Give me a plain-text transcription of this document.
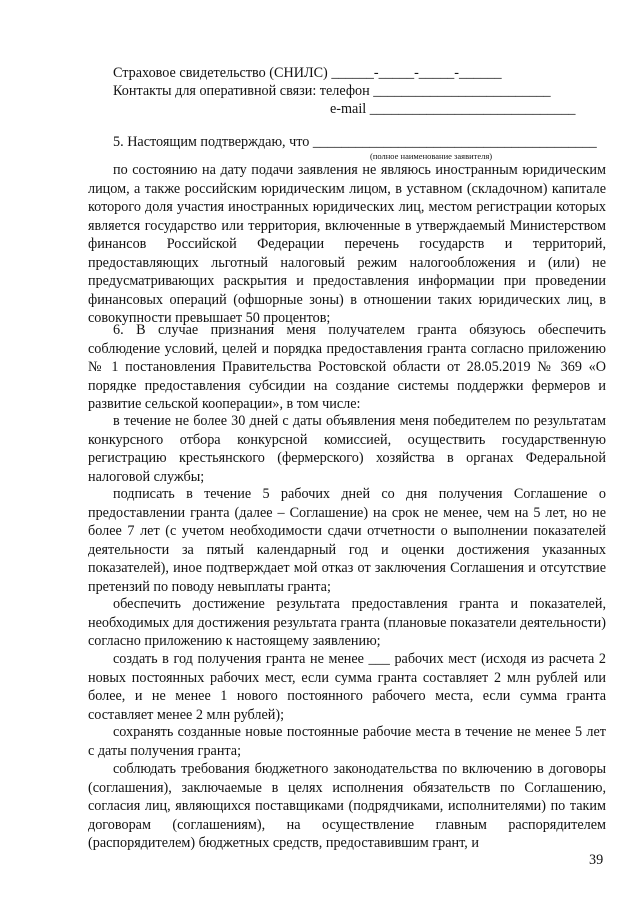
Страховое свидетельство (СНИЛС) ______-_____-_____-______
Контакты для оперативной связи: телефон _________________________
e-mail _____________________________
5. Настоящим подтверждаю, что ________________________________________
(полное наименование заявителя)

по состоянию на дату подачи заявления не являюсь иностранным юридическим лицом, а также российским юридическим лицом, в уставном (складочном) капитале которого доля участия иностранных юридических лиц, местом регистрации которых является государство или территория, включенные в утверждаемый Министерством финансов Российской Федерации перечень государств и территорий, предоставляющих льготный налоговый режим налогообложения и (или) не предусматривающих раскрытия и предоставления информации при проведении финансовых операций (офшорные зоны) в отношении таких юридических лиц, в совокупности превышает 50 процентов;

6. В случае признания меня получателем гранта обязуюсь обеспечить соблюдение условий, целей и порядка предоставления гранта согласно приложению № 1 постановления Правительства Ростовской области от 28.05.2019 № 369 «О порядке предоставления субсидии на создание системы поддержки фермеров и развитие сельской кооперации», в том числе:

в течение не более 30 дней с даты объявления меня победителем по результатам конкурсного отбора конкурсной комиссией, осуществить государственную регистрацию крестьянского (фермерского) хозяйства в органах Федеральной налоговой службы;

подписать в течение 5 рабочих дней со дня получения Соглашение о предоставлении гранта (далее – Соглашение) на срок не менее, чем на 5 лет, но не более 7 лет (с учетом необходимости сдачи отчетности о выполнении показателей деятельности за пятый календарный год и оценки достижения указанных показателей), иное подтверждает мой отказ от заключения Соглашения и отсутствие претензий по поводу невыплаты гранта;

обеспечить достижение результата предоставления гранта и показателей, необходимых для достижения результата гранта (плановые показатели деятельности) согласно приложению к настоящему заявлению;

создать в год получения гранта не менее ___ рабочих мест (исходя из расчета 2 новых постоянных рабочих мест, если сумма гранта составляет 2 млн рублей или более, и не менее 1 нового постоянного рабочего места, если сумма гранта составляет менее 2 млн рублей);

сохранять созданные новые постоянные рабочие места в течение не менее 5 лет с даты получения гранта;

соблюдать требования бюджетного законодательства по включению в договоры (соглашения), заключаемые в целях исполнения обязательств по Соглашению, согласия лиц, являющихся поставщиками (подрядчиками, исполнителями) по таким договорам (соглашениям), на осуществление главным распорядителем (распорядителем) бюджетных средств, предоставившим грант, и

39
